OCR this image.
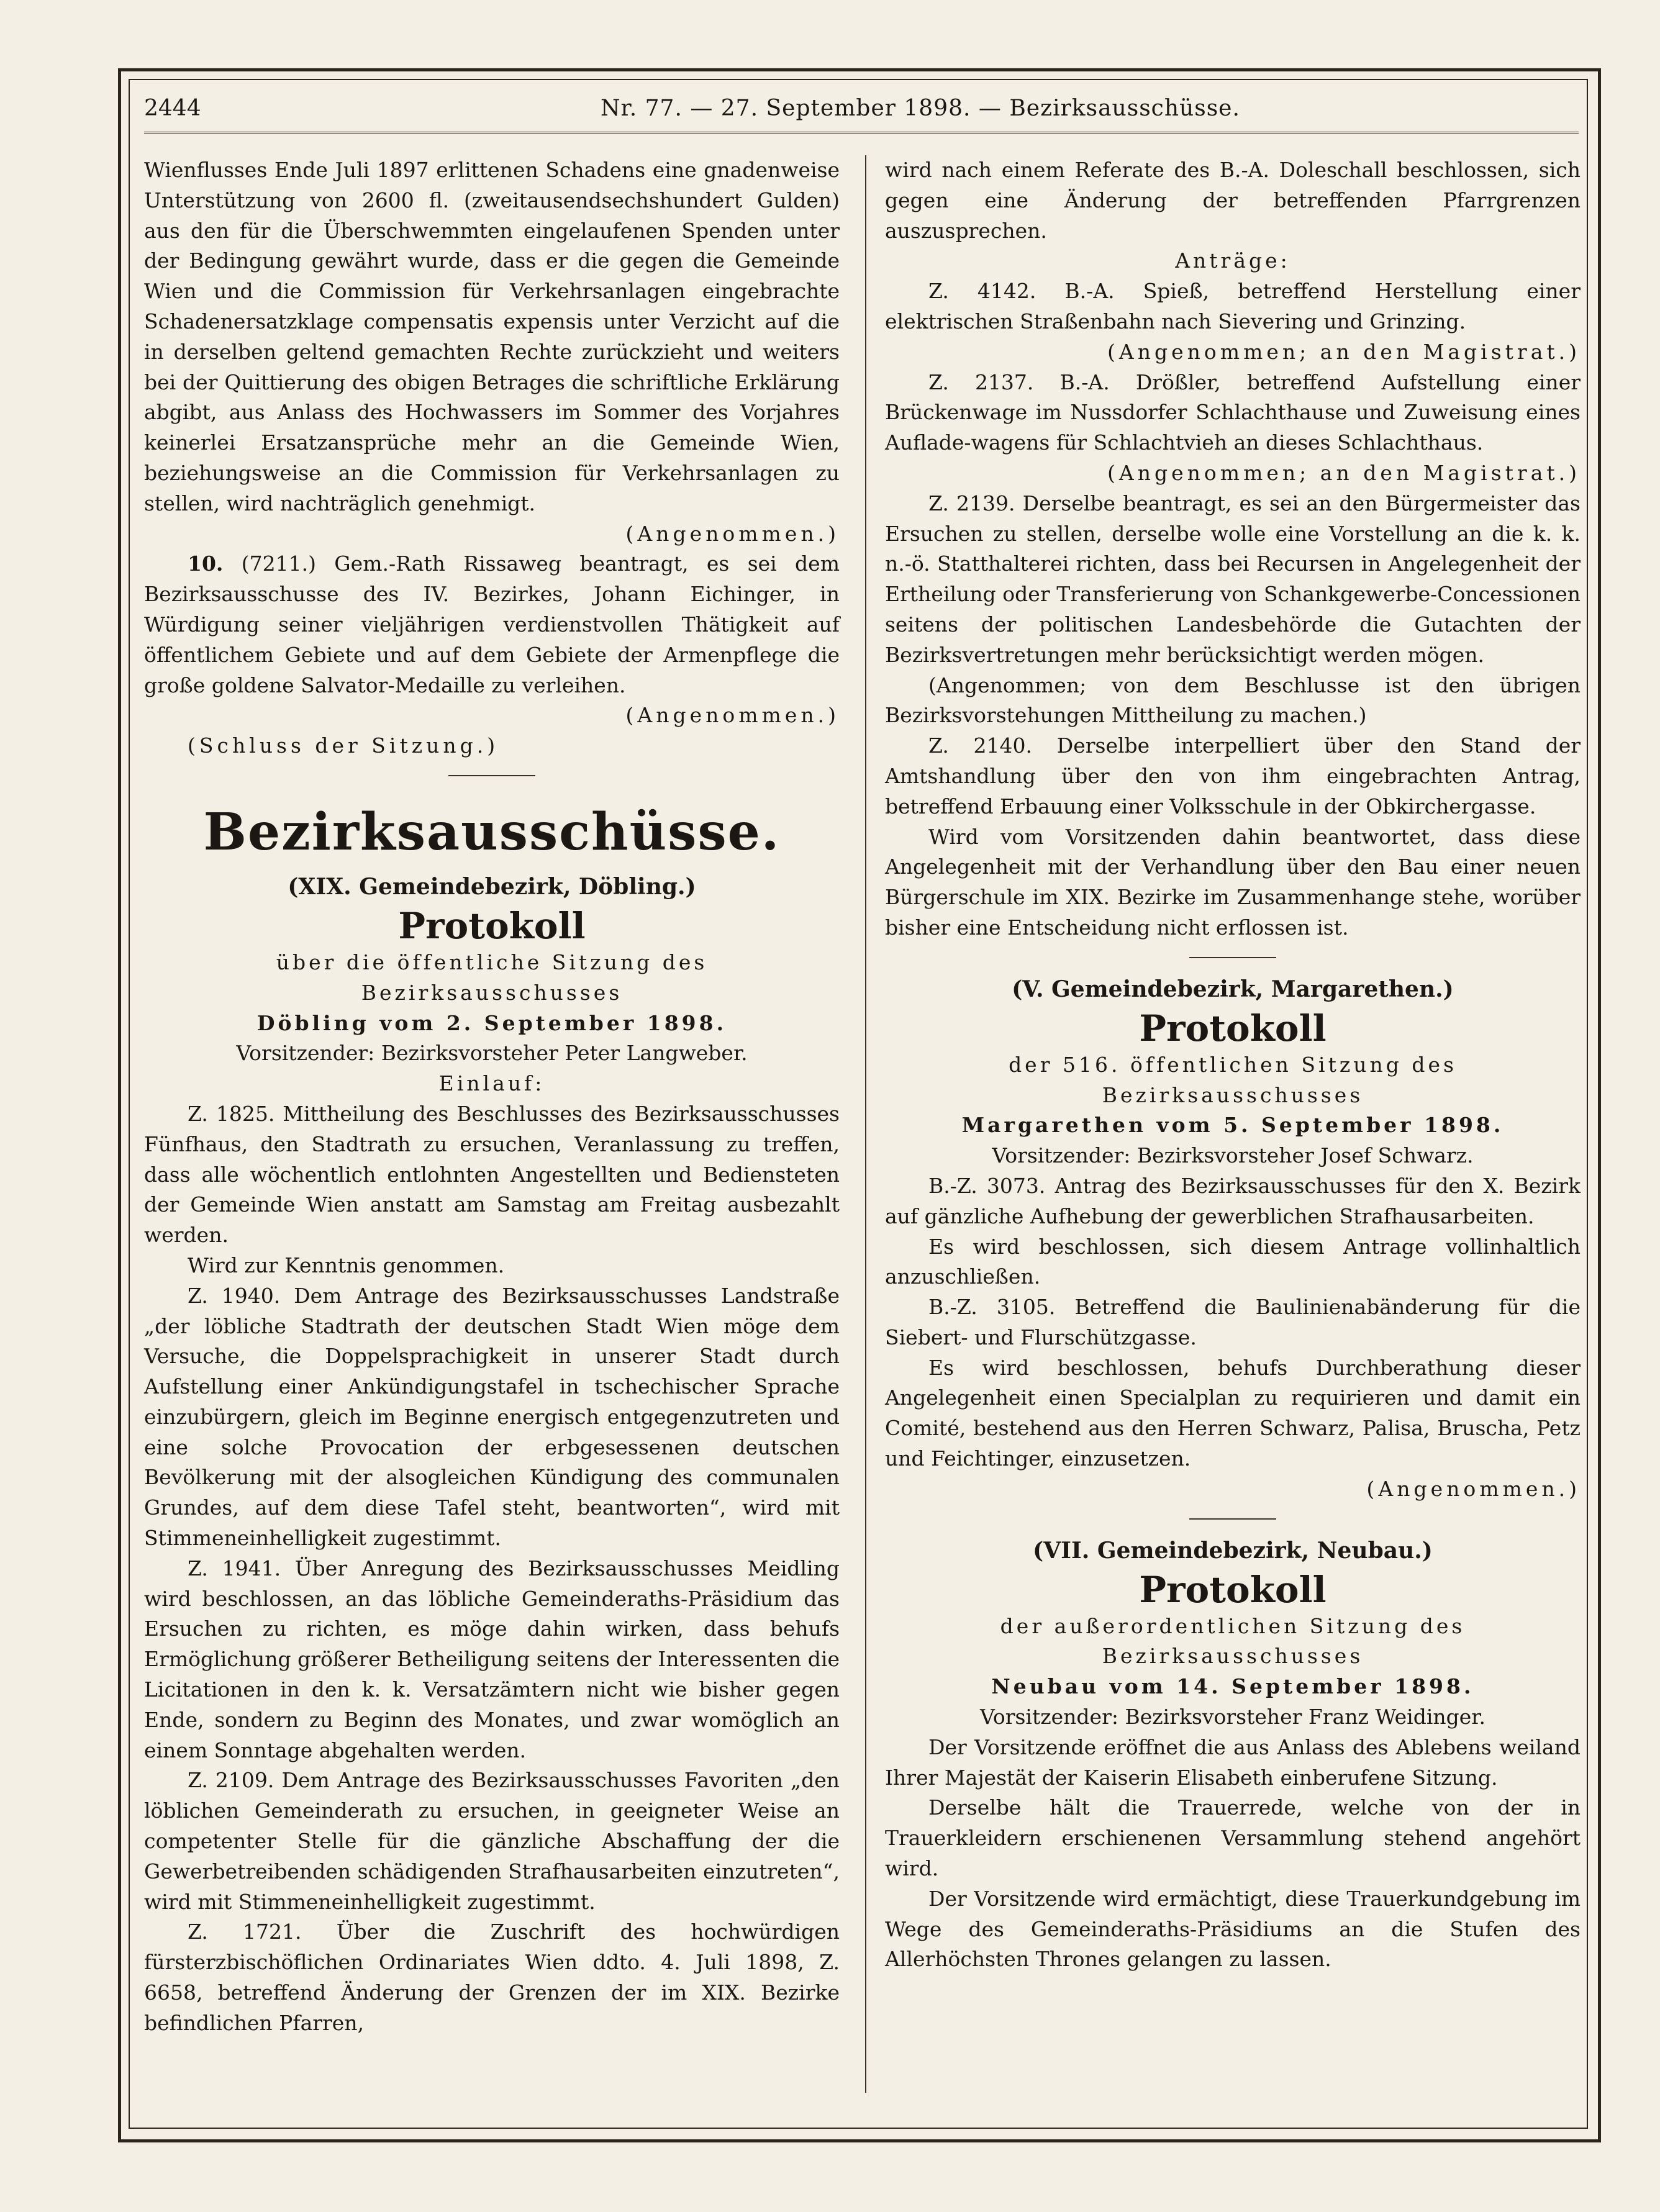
2444	Nr. 77. — 27. September 1898. — Bezirksausschüsse.

Wienflusses Ende Juli 1897 erlittenen Schadens eine gnadenweise Unterstützung von 2600 fl. (zweitausendsechshundert Gulden) aus den für die Überschwemmten eingelaufenen Spenden unter der Bedingung gewährt wurde, dass er die gegen die Gemeinde Wien und die Commission für Verkehrsanlagen eingebrachte Schadenersatzklage compensatis expensis unter Verzicht auf die in derselben geltend gemachten Rechte zurückzieht und weiters bei der Quittierung des obigen Betrages die schriftliche Erklärung abgibt, aus Anlass des Hochwassers im Sommer des Vorjahres keinerlei Ersatzansprüche mehr an die Gemeinde Wien, beziehungsweise an die Commission für Verkehrsanlagen zu stellen, wird nachträglich genehmigt.

(Angenommen.)

10. (7211.) Gem.-Rath Rissaweg beantragt, es sei dem Bezirksausschusse des IV. Bezirkes, Johann Eichinger, in Würdigung seiner vieljährigen verdienstvollen Thätigkeit auf öffentlichem Gebiete und auf dem Gebiete der Armenpflege die große goldene Salvator-Medaille zu verleihen.

(Angenommen.)

(Schluss der Sitzung.)

Bezirksausschüsse.
(XIX. Gemeindebezirk, Döbling.)
Protokoll

über die öffentliche Sitzung des Bezirksausschusses

Döbling vom 2. September 1898.

Vorsitzender: Bezirksvorsteher Peter Langweber.

Einlauf:

Z. 1825. Mittheilung des Beschlusses des Bezirksausschusses Fünfhaus, den Stadtrath zu ersuchen, Veranlassung zu treffen, dass alle wöchentlich entlohnten Angestellten und Bediensteten der Gemeinde Wien anstatt am Samstag am Freitag ausbezahlt werden.

Wird zur Kenntnis genommen.

Z. 1940. Dem Antrage des Bezirksausschusses Landstraße „der löbliche Stadtrath der deutschen Stadt Wien möge dem Versuche, die Doppelsprachigkeit in unserer Stadt durch Aufstellung einer Ankündigungstafel in tschechischer Sprache einzubürgern, gleich im Beginne energisch entgegenzutreten und eine solche Provocation der erbgesessenen deutschen Bevölkerung mit der alsogleichen Kündigung des communalen Grundes, auf dem diese Tafel steht, beantworten“, wird mit Stimmeneinhelligkeit zugestimmt.

Z. 1941. Über Anregung des Bezirksausschusses Meidling wird beschlossen, an das löbliche Gemeinderaths-Präsidium das Ersuchen zu richten, es möge dahin wirken, dass behufs Ermöglichung größerer Betheiligung seitens der Interessenten die Licitationen in den k. k. Versatzämtern nicht wie bisher gegen Ende, sondern zu Beginn des Monates, und zwar womöglich an einem Sonntage abgehalten werden.

Z. 2109. Dem Antrage des Bezirksausschusses Favoriten „den löblichen Gemeinderath zu ersuchen, in geeigneter Weise an competenter Stelle für die gänzliche Abschaffung der die Gewerbetreibenden schädigenden Strafhausarbeiten einzutreten“, wird mit Stimmeneinhelligkeit zugestimmt.

Z. 1721. Über die Zuschrift des hochwürdigen fürsterzbischöflichen Ordinariates Wien ddto. 4. Juli 1898, Z. 6658, betreffend Änderung der Grenzen der im XIX. Bezirke befindlichen Pfarren,

wird nach einem Referate des B.-A. Doleschall beschlossen, sich gegen eine Änderung der betreffenden Pfarrgrenzen auszusprechen.

Anträge:

Z. 4142. B.-A. Spieß, betreffend Herstellung einer elektrischen Straßenbahn nach Sievering und Grinzing.

(Angenommen; an den Magistrat.)

Z. 2137. B.-A. Drößler, betreffend Aufstellung einer Brückenwage im Nussdorfer Schlachthause und Zuweisung eines Auflade-wagens für Schlachtvieh an dieses Schlachthaus.

(Angenommen; an den Magistrat.)

Z. 2139. Derselbe beantragt, es sei an den Bürgermeister das Ersuchen zu stellen, derselbe wolle eine Vorstellung an die k. k. n.-ö. Statthalterei richten, dass bei Recursen in Angelegenheit der Ertheilung oder Transferierung von Schankgewerbe-Concessionen seitens der politischen Landesbehörde die Gutachten der Bezirksvertretungen mehr berücksichtigt werden mögen.

(Angenommen; von dem Beschlusse ist den übrigen Bezirksvorstehungen Mittheilung zu machen.)

Z. 2140. Derselbe interpelliert über den Stand der Amtshandlung über den von ihm eingebrachten Antrag, betreffend Erbauung einer Volksschule in der Obkirchergasse.

Wird vom Vorsitzenden dahin beantwortet, dass diese Angelegenheit mit der Verhandlung über den Bau einer neuen Bürgerschule im XIX. Bezirke im Zusammenhange stehe, worüber bisher eine Entscheidung nicht erflossen ist.

(V. Gemeindebezirk, Margarethen.)
Protokoll

der 516. öffentlichen Sitzung des Bezirksausschusses

Margarethen vom 5. September 1898.

Vorsitzender: Bezirksvorsteher Josef Schwarz.

B.-Z. 3073. Antrag des Bezirksausschusses für den X. Bezirk auf gänzliche Aufhebung der gewerblichen Strafhausarbeiten.

Es wird beschlossen, sich diesem Antrage vollinhaltlich anzuschließen.

B.-Z. 3105. Betreffend die Baulinienabänderung für die Siebert- und Flurschützgasse.

Es wird beschlossen, behufs Durchberathung dieser Angelegenheit einen Specialplan zu requirieren und damit ein Comité, bestehend aus den Herren Schwarz, Palisa, Bruscha, Petz und Feichtinger, einzusetzen.

(Angenommen.)

(VII. Gemeindebezirk, Neubau.)
Protokoll

der außerordentlichen Sitzung des Bezirksausschusses

Neubau vom 14. September 1898.

Vorsitzender: Bezirksvorsteher Franz Weidinger.

Der Vorsitzende eröffnet die aus Anlass des Ablebens weiland Ihrer Majestät der Kaiserin Elisabeth einberufene Sitzung.

Derselbe hält die Trauerrede, welche von der in Trauerkleidern erschienenen Versammlung stehend angehört wird.

Der Vorsitzende wird ermächtigt, diese Trauerkundgebung im Wege des Gemeinderaths-Präsidiums an die Stufen des Allerhöchsten Thrones gelangen zu lassen.
